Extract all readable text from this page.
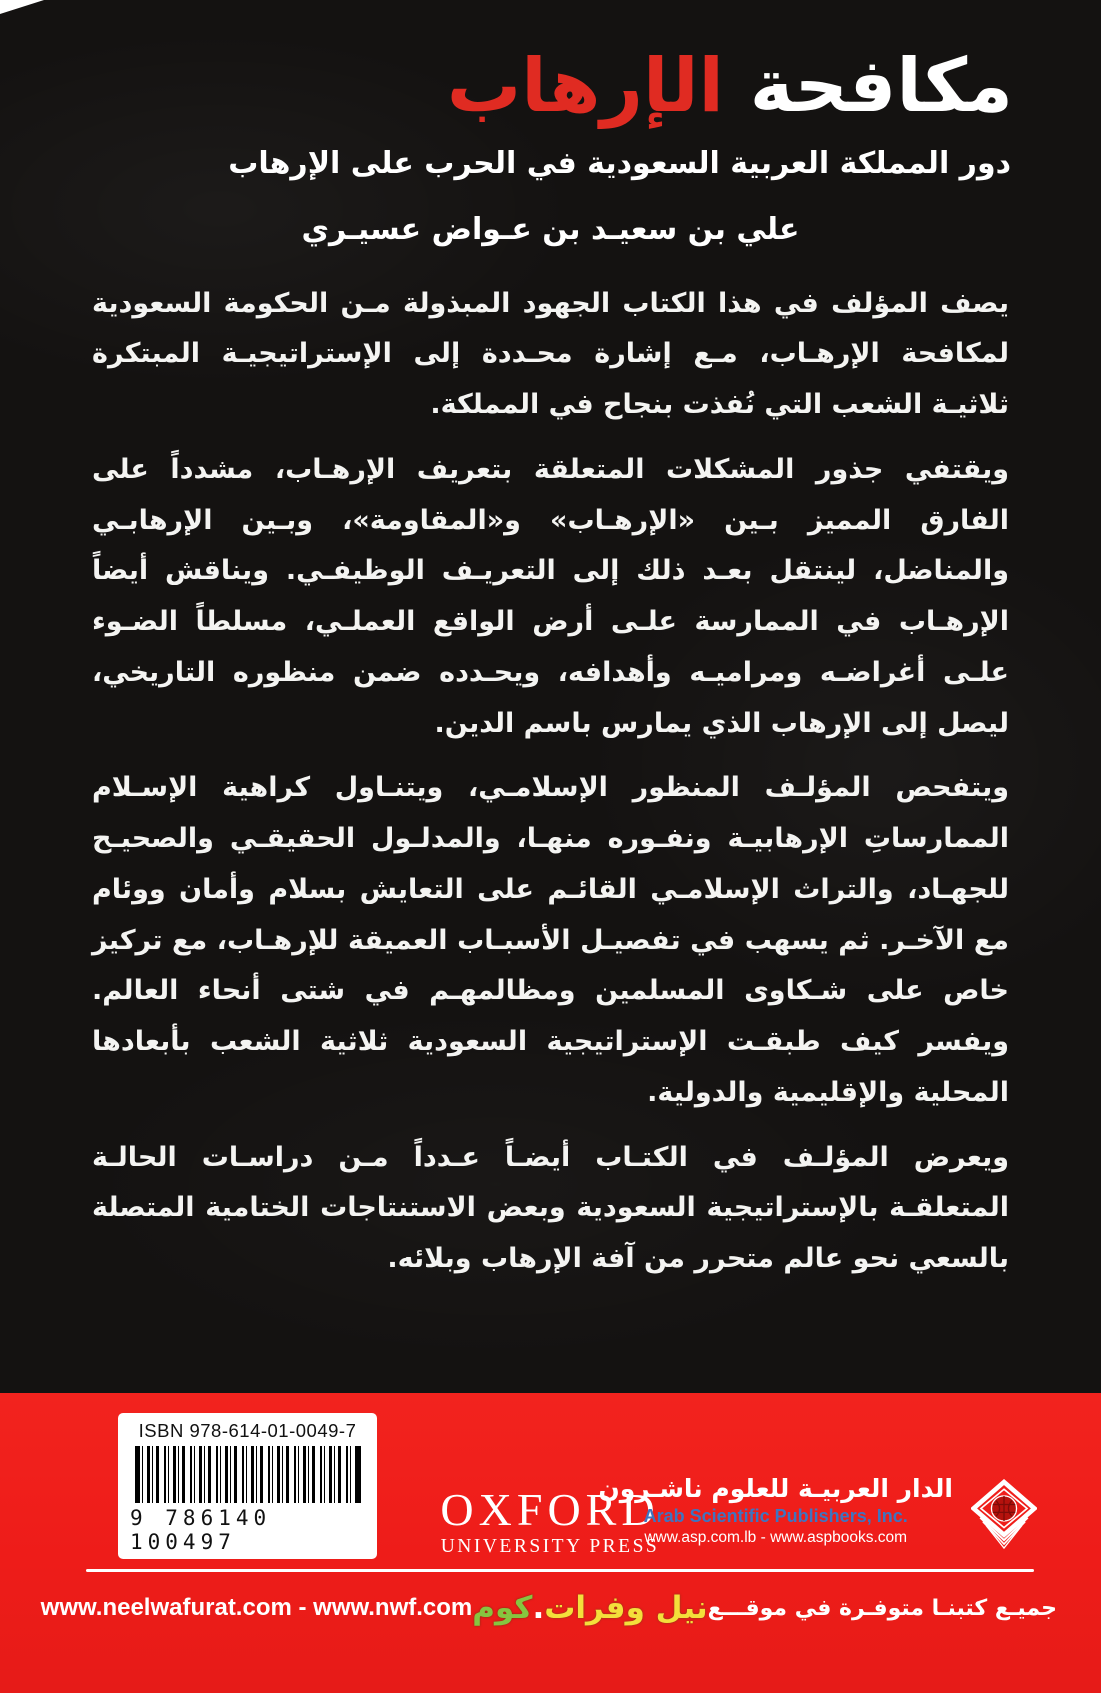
مكافحة الإرهاب
دور المملكة العربية السعودية في الحرب على الإرهاب
علي بن سعيـد بن عـواض عسيـري

يصف المؤلف في هذا الكتاب الجهود المبذولة مـن الحكومة السعودية لمكافحة الإرهـاب، مـع إشارة محـددة إلى الإستراتيجيـة المبتكرة ثلاثيـة الشعب التي نُفذت بنجاح في المملكة.

ويقتفي جذور المشكلات المتعلقة بتعريف الإرهـاب، مشدداً على الفارق المميز بـين «الإرهـاب» و«المقاومة»، وبـين الإرهابـي والمناضل، لينتقل بعـد ذلك إلى التعريـف الوظيفـي. ويناقش أيضاً الإرهـاب في الممارسة علـى أرض الواقع العملـي، مسلطاً الضـوء علـى أغراضـه ومراميـه وأهدافه، ويحـدده ضمن منظوره التاريخي، ليصل إلى الإرهاب الذي يمارس باسم الدين.

ويتفحص المؤلـف المنظور الإسلامـي، ويتنـاول كراهية الإسـلام الممارساتِ الإرهابيـة ونفـوره منهـا، والمدلـول الحقيقـي والصحيـح للجهـاد، والتراث الإسلامـي القائـم على التعايش بسلام وأمان ووئام مع الآخـر. ثم يسهب في تفصيـل الأسبـاب العميقة للإرهـاب، مع تركيز خاص على شـكاوى المسلمين ومظالمهـم في شتى أنحاء العالم. ويفسر كيف طبقـت الإستراتيجية السعودية ثلاثية الشعب بأبعادها المحلية والإقليمية والدولية.

ويعرض المؤلـف في الكتـاب أيضـاً عـدداً مـن دراسـات الحالـة المتعلقـة بالإستراتيجية السعودية وبعض الاستنتاجات الختامية المتصلة بالسعي نحو عالم متحرر من آفة الإرهاب وبلائه.

ISBN 978-614-01-0049-7
9 786140 100497
OXFORD
UNIVERSITY PRESS
الدار العربيـة للعلوم ناشـرون
Arab Scientific Publishers, Inc.
www.asp.com.lb - www.aspbooks.com
جميـع كتبنـا متوفـرة في موقـــع
نيل وفرات.كوم
www.neelwafurat.com - www.nwf.com
